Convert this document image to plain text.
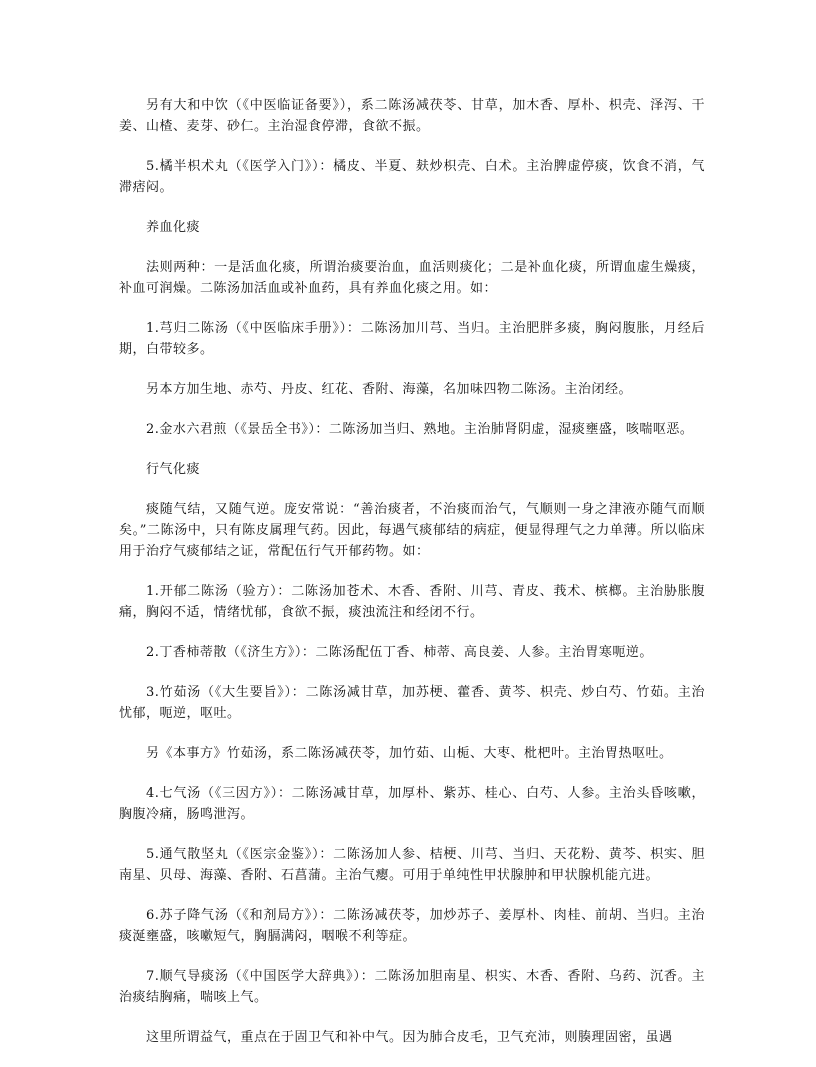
另有大和中饮（《中医临证备要》），系二陈汤减茯苓、甘草，加木香、厚朴、枳壳、泽泻、干姜、山楂、麦芽、砂仁。主治湿食停滞，食欲不振。

5.橘半枳术丸（《医学入门》）：橘皮、半夏、麸炒枳壳、白术。主治脾虚停痰，饮食不消，气滞痞闷。

养血化痰

法则两种：一是活血化痰，所谓治痰要治血，血活则痰化；二是补血化痰，所谓血虚生燥痰，补血可润燥。二陈汤加活血或补血药，具有养血化痰之用。如：

1.芎归二陈汤（《中医临床手册》）：二陈汤加川芎、当归。主治肥胖多痰，胸闷腹胀，月经后期，白带较多。

另本方加生地、赤芍、丹皮、红花、香附、海藻，名加味四物二陈汤。主治闭经。

2.金水六君煎（《景岳全书》）：二陈汤加当归、熟地。主治肺肾阴虚，湿痰壅盛，咳喘呕恶。

行气化痰

痰随气结，又随气逆。庞安常说：“善治痰者，不治痰而治气，气顺则一身之津液亦随气而顺矣。”二陈汤中，只有陈皮属理气药。因此，每遇气痰郁结的病症，便显得理气之力单薄。所以临床用于治疗气痰郁结之证，常配伍行气开郁药物。如：

1.开郁二陈汤（验方）：二陈汤加苍术、木香、香附、川芎、青皮、莪术、槟榔。主治胁胀腹痛，胸闷不适，情绪忧郁，食欲不振，痰浊流注和经闭不行。

2.丁香柿蒂散（《济生方》）：二陈汤配伍丁香、柿蒂、高良姜、人参。主治胃寒呃逆。

3.竹茹汤（《大生要旨》）：二陈汤减甘草，加苏梗、藿香、黄芩、枳壳、炒白芍、竹茹。主治忧郁，呃逆，呕吐。

另《本事方》竹茹汤，系二陈汤减茯苓，加竹茹、山栀、大枣、枇杷叶。主治胃热呕吐。

4.七气汤（《三因方》）：二陈汤减甘草，加厚朴、紫苏、桂心、白芍、人参。主治头昏咳嗽，胸腹冷痛，肠鸣泄泻。

5.通气散坚丸（《医宗金鉴》）：二陈汤加人参、桔梗、川芎、当归、天花粉、黄芩、枳实、胆南星、贝母、海藻、香附、石菖蒲。主治气瘿。可用于单纯性甲状腺肿和甲状腺机能亢进。

6.苏子降气汤（《和剂局方》）：二陈汤减茯苓，加炒苏子、姜厚朴、肉桂、前胡、当归。主治痰涎壅盛，咳嗽短气，胸膈满闷，咽喉不利等症。

7.顺气导痰汤（《中国医学大辞典》）：二陈汤加胆南星、枳实、木香、香附、乌药、沉香。主治痰结胸痛，喘咳上气。

这里所谓益气，重点在于固卫气和补中气。因为肺合皮毛，卫气充沛，则腠理固密，虽遇
